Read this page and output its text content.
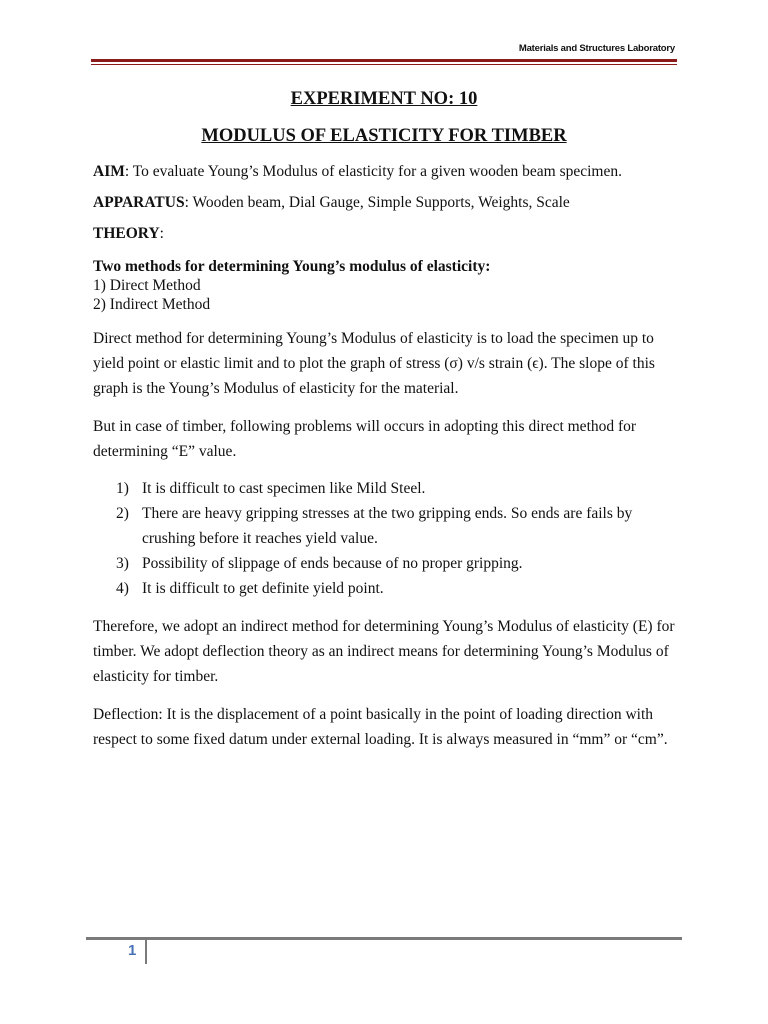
Materials and Structures Laboratory
EXPERIMENT NO: 10
MODULUS OF ELASTICITY FOR TIMBER

AIM: To evaluate Young’s Modulus of elasticity for a given wooden beam specimen.

APPARATUS: Wooden beam, Dial Gauge, Simple Supports, Weights, Scale

THEORY:

Two methods for determining Young’s modulus of elasticity:
1) Direct Method
2) Indirect Method

Direct method for determining Young’s Modulus of elasticity is to load the specimen up to yield point or elastic limit and to plot the graph of stress (σ) v/s strain (ϵ). The slope of this graph is the Young’s Modulus of elasticity for the material.

But in case of timber, following problems will occurs in adopting this direct method for determining “E” value.

1) It is difficult to cast specimen like Mild Steel.
2) There are heavy gripping stresses at the two gripping ends. So ends are fails by crushing before it reaches yield value.
3) Possibility of slippage of ends because of no proper gripping.
4) It is difficult to get definite yield point.

Therefore, we adopt an indirect method for determining Young’s Modulus of elasticity (E) for timber. We adopt deflection theory as an indirect means for determining Young’s Modulus of elasticity for timber.

Deflection: It is the displacement of a point basically in the point of loading direction with respect to some fixed datum under external loading. It is always measured in “mm” or “cm”.

1
